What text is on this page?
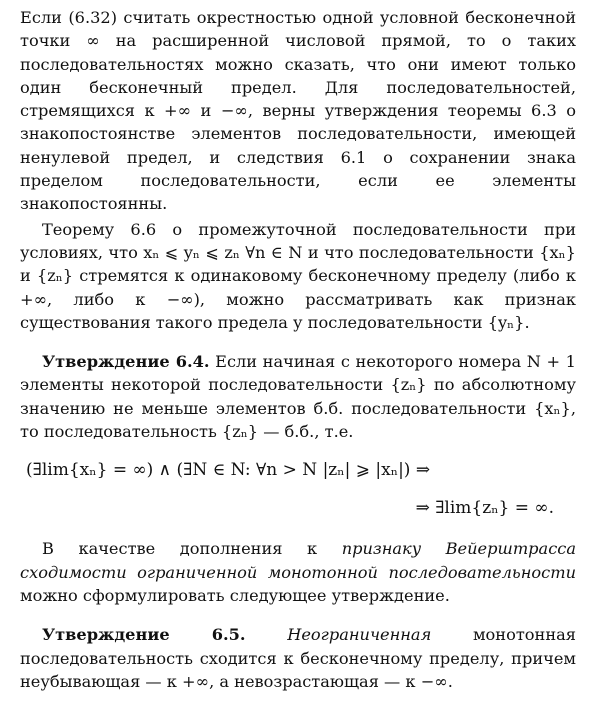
Если (6.32) считать окрестностью одной условной бесконечной точки ∞ на расширенной числовой прямой, то о таких последовательностях можно сказать, что они имеют только один бесконечный предел. Для последовательностей, стремящихся к +∞ и −∞, верны утверждения теоремы 6.3 о знакопостоянстве элементов последовательности, имеющей ненулевой предел, и следствия 6.1 о сохранении знака пределом последовательности, если ее элементы знакопостоянны.

Теорему 6.6 о промежуточной последовательности при условиях, что xₙ ⩽ yₙ ⩽ zₙ ∀n ∈ N и что последовательности {xₙ} и {zₙ} стремятся к одинаковому бесконечному пределу (либо к +∞, либо к −∞), можно рассматривать как признак существования такого предела у последовательности {yₙ}.

Утверждение 6.4. Если начиная с некоторого номера N + 1 элементы некоторой последовательности {zₙ} по абсолютному значению не меньше элементов б.б. последовательности {xₙ}, то последовательность {zₙ} — б.б., т.е.

(∃lim{xₙ} = ∞) ∧ (∃N ∈ N: ∀n > N |zₙ| ⩾ |xₙ|) ⇒
⇒ ∃lim{zₙ} = ∞.

В качестве дополнения к признаку Вейерштрасса сходимости ограниченной монотонной последовательности можно сформулировать следующее утверждение.

Утверждение 6.5.	Неограниченная монотонная последовательность сходится к бесконечному пределу, причем неубывающая — к +∞, а невозрастающая — к −∞.
